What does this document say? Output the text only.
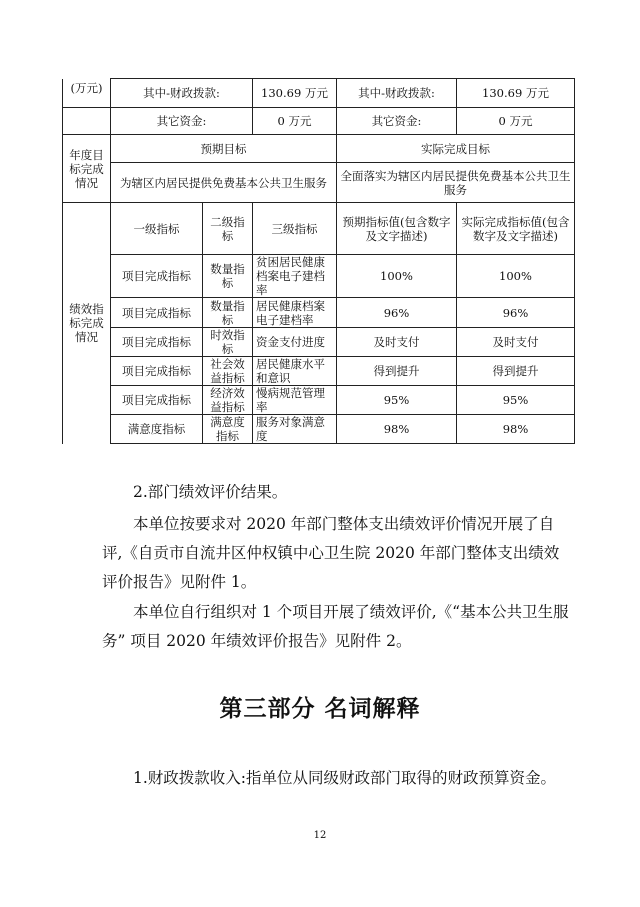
(万元)	其中-财政拨款:		130.69 万元	其中-财政拨款:	130.69 万元
	其它资金:		0 万元	其它资金:	0 万元
年度目标完成情况	预期目标			实际完成目标	
	为辖区内居民提供免费基本公共卫生服务			全面落实为辖区内居民提供免费基本公共卫生服务	
绩效指标完成情况	一级指标	二级指标	三级指标	预期指标值(包含数字及文字描述)	实际完成指标值(包含数字及文字描述)
	项目完成指标	数量指标	贫困居民健康档案电子建档率	100%	100%
	项目完成指标	数量指标	居民健康档案电子建档率	96%	96%
	项目完成指标	时效指标	资金支付进度	及时支付	及时支付
	项目完成指标	社会效益指标	居民健康水平和意识	得到提升	得到提升
	项目完成指标	经济效益指标	慢病规范管理率	95%	95%
	满意度指标	满意度指标	服务对象满意度	98%	98%

2.部门绩效评价结果。

本单位按要求对 2020 年部门整体支出绩效评价情况开展了自评,《自贡市自流井区仲权镇中心卫生院 2020 年部门整体支出绩效评价报告》见附件 1。

本单位自行组织对 1 个项目开展了绩效评价,《“基本公共卫生服务” 项目 2020 年绩效评价报告》见附件 2。

第三部分 名词解释

1.财政拨款收入:指单位从同级财政部门取得的财政预算资金。

12
